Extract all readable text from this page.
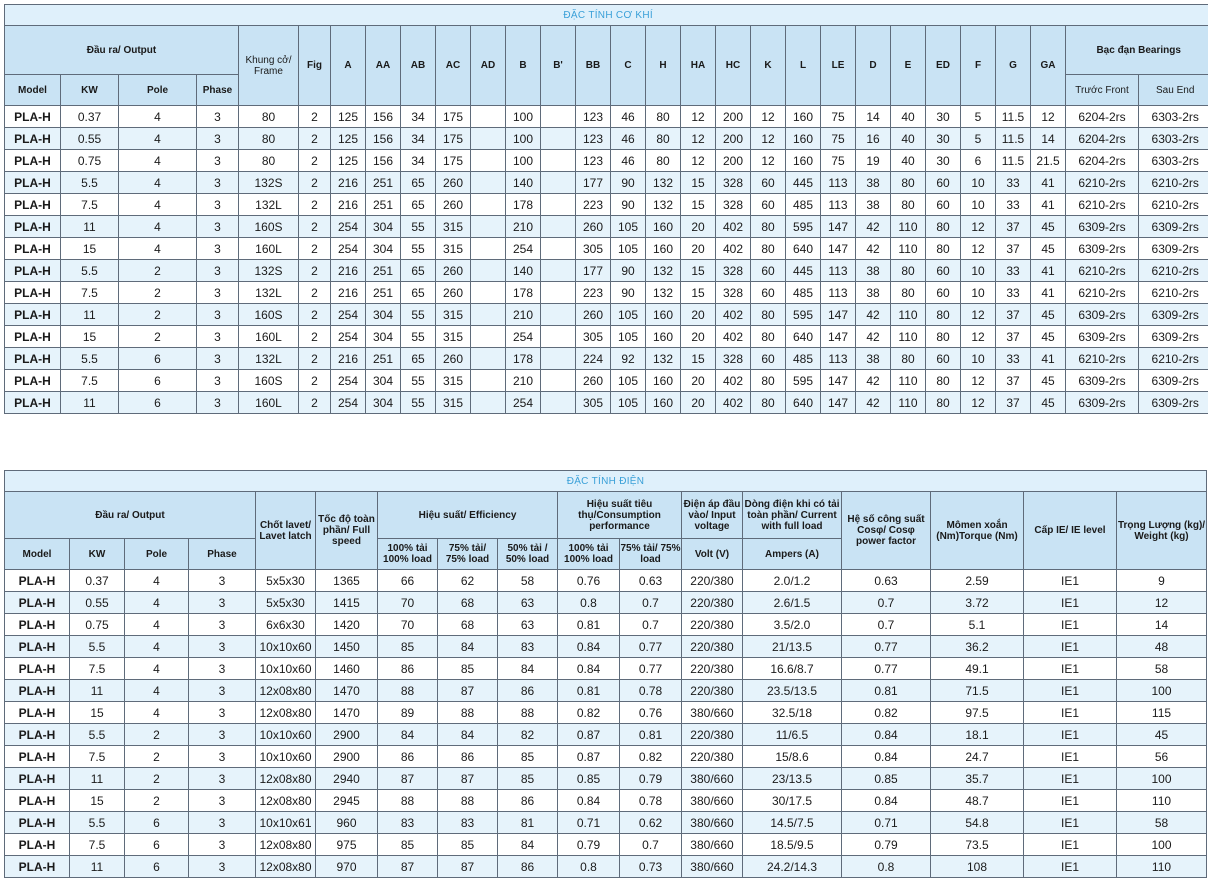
ĐẶC TÍNH CƠ KHÍ																												
Đầu ra/ Output				Khung cở/ Frame	Fig	A	AA	AB	AC	AD	B	B'	BB	C	H	HA	HC	K	L	LE	D	E	ED	F	G	GA	Bạc đạn Bearings	
Model	KW	Pole	Phase																								Trước Front	Sau End
PLA-H	0.37	4	3	80	2	125	156	34	175		100		123	46	80	12	200	12	160	75	14	40	30	5	11.5	12	6204-2rs	6303-2rs
PLA-H	0.55	4	3	80	2	125	156	34	175		100		123	46	80	12	200	12	160	75	16	40	30	5	11.5	14	6204-2rs	6303-2rs
PLA-H	0.75	4	3	80	2	125	156	34	175		100		123	46	80	12	200	12	160	75	19	40	30	6	11.5	21.5	6204-2rs	6303-2rs
PLA-H	5.5	4	3	132S	2	216	251	65	260		140		177	90	132	15	328	60	445	113	38	80	60	10	33	41	6210-2rs	6210-2rs
PLA-H	7.5	4	3	132L	2	216	251	65	260		178		223	90	132	15	328	60	485	113	38	80	60	10	33	41	6210-2rs	6210-2rs
PLA-H	11	4	3	160S	2	254	304	55	315		210		260	105	160	20	402	80	595	147	42	110	80	12	37	45	6309-2rs	6309-2rs
PLA-H	15	4	3	160L	2	254	304	55	315		254		305	105	160	20	402	80	640	147	42	110	80	12	37	45	6309-2rs	6309-2rs
PLA-H	5.5	2	3	132S	2	216	251	65	260		140		177	90	132	15	328	60	445	113	38	80	60	10	33	41	6210-2rs	6210-2rs
PLA-H	7.5	2	3	132L	2	216	251	65	260		178		223	90	132	15	328	60	485	113	38	80	60	10	33	41	6210-2rs	6210-2rs
PLA-H	11	2	3	160S	2	254	304	55	315		210		260	105	160	20	402	80	595	147	42	110	80	12	37	45	6309-2rs	6309-2rs
PLA-H	15	2	3	160L	2	254	304	55	315		254		305	105	160	20	402	80	640	147	42	110	80	12	37	45	6309-2rs	6309-2rs
PLA-H	5.5	6	3	132L	2	216	251	65	260		178		224	92	132	15	328	60	485	113	38	80	60	10	33	41	6210-2rs	6210-2rs
PLA-H	7.5	6	3	160S	2	254	304	55	315		210		260	105	160	20	402	80	595	147	42	110	80	12	37	45	6309-2rs	6309-2rs
PLA-H	11	6	3	160L	2	254	304	55	315		254		305	105	160	20	402	80	640	147	42	110	80	12	37	45	6309-2rs	6309-2rs
ĐẶC TÍNH ĐIỆN																
Đầu ra/ Output				Chốt lavet/ Lavet latch	Tốc độ toàn phần/ Full speed	Hiệu suất/ Efficiency			Hiệu suất tiêu thụ/Consumption performance		Điện áp đầu vào/ Input voltage	Dòng điện khi có tải toàn phần/ Current with full load	Hệ số công suất Cosφ/ Cosφ power factor	Mômen xoắn (Nm)Torque (Nm)	Cấp IE/ IE level	Trọng Lượng (kg)/ Weight (kg)
Model	KW	Pole	Phase			100% tải 100% load	75% tải/ 75% load	50% tải / 50% load	100% tải 100% load	75% tải/ 75% load	Volt (V)	Ampers (A)				
PLA-H	0.37	4	3	5x5x30	1365	66	62	58	0.76	0.63	220/380	2.0/1.2	0.63	2.59	IE1	9
PLA-H	0.55	4	3	5x5x30	1415	70	68	63	0.8	0.7	220/380	2.6/1.5	0.7	3.72	IE1	12
PLA-H	0.75	4	3	6x6x30	1420	70	68	63	0.81	0.7	220/380	3.5/2.0	0.7	5.1	IE1	14
PLA-H	5.5	4	3	10x10x60	1450	85	84	83	0.84	0.77	220/380	21/13.5	0.77	36.2	IE1	48
PLA-H	7.5	4	3	10x10x60	1460	86	85	84	0.84	0.77	220/380	16.6/8.7	0.77	49.1	IE1	58
PLA-H	11	4	3	12x08x80	1470	88	87	86	0.81	0.78	220/380	23.5/13.5	0.81	71.5	IE1	100
PLA-H	15	4	3	12x08x80	1470	89	88	88	0.82	0.76	380/660	32.5/18	0.82	97.5	IE1	115
PLA-H	5.5	2	3	10x10x60	2900	84	84	82	0.87	0.81	220/380	11/6.5	0.84	18.1	IE1	45
PLA-H	7.5	2	3	10x10x60	2900	86	86	85	0.87	0.82	220/380	15/8.6	0.84	24.7	IE1	56
PLA-H	11	2	3	12x08x80	2940	87	87	85	0.85	0.79	380/660	23/13.5	0.85	35.7	IE1	100
PLA-H	15	2	3	12x08x80	2945	88	88	86	0.84	0.78	380/660	30/17.5	0.84	48.7	IE1	110
PLA-H	5.5	6	3	10x10x61	960	83	83	81	0.71	0.62	380/660	14.5/7.5	0.71	54.8	IE1	58
PLA-H	7.5	6	3	12x08x80	975	85	85	84	0.79	0.7	380/660	18.5/9.5	0.79	73.5	IE1	100
PLA-H	11	6	3	12x08x80	970	87	87	86	0.8	0.73	380/660	24.2/14.3	0.8	108	IE1	110
